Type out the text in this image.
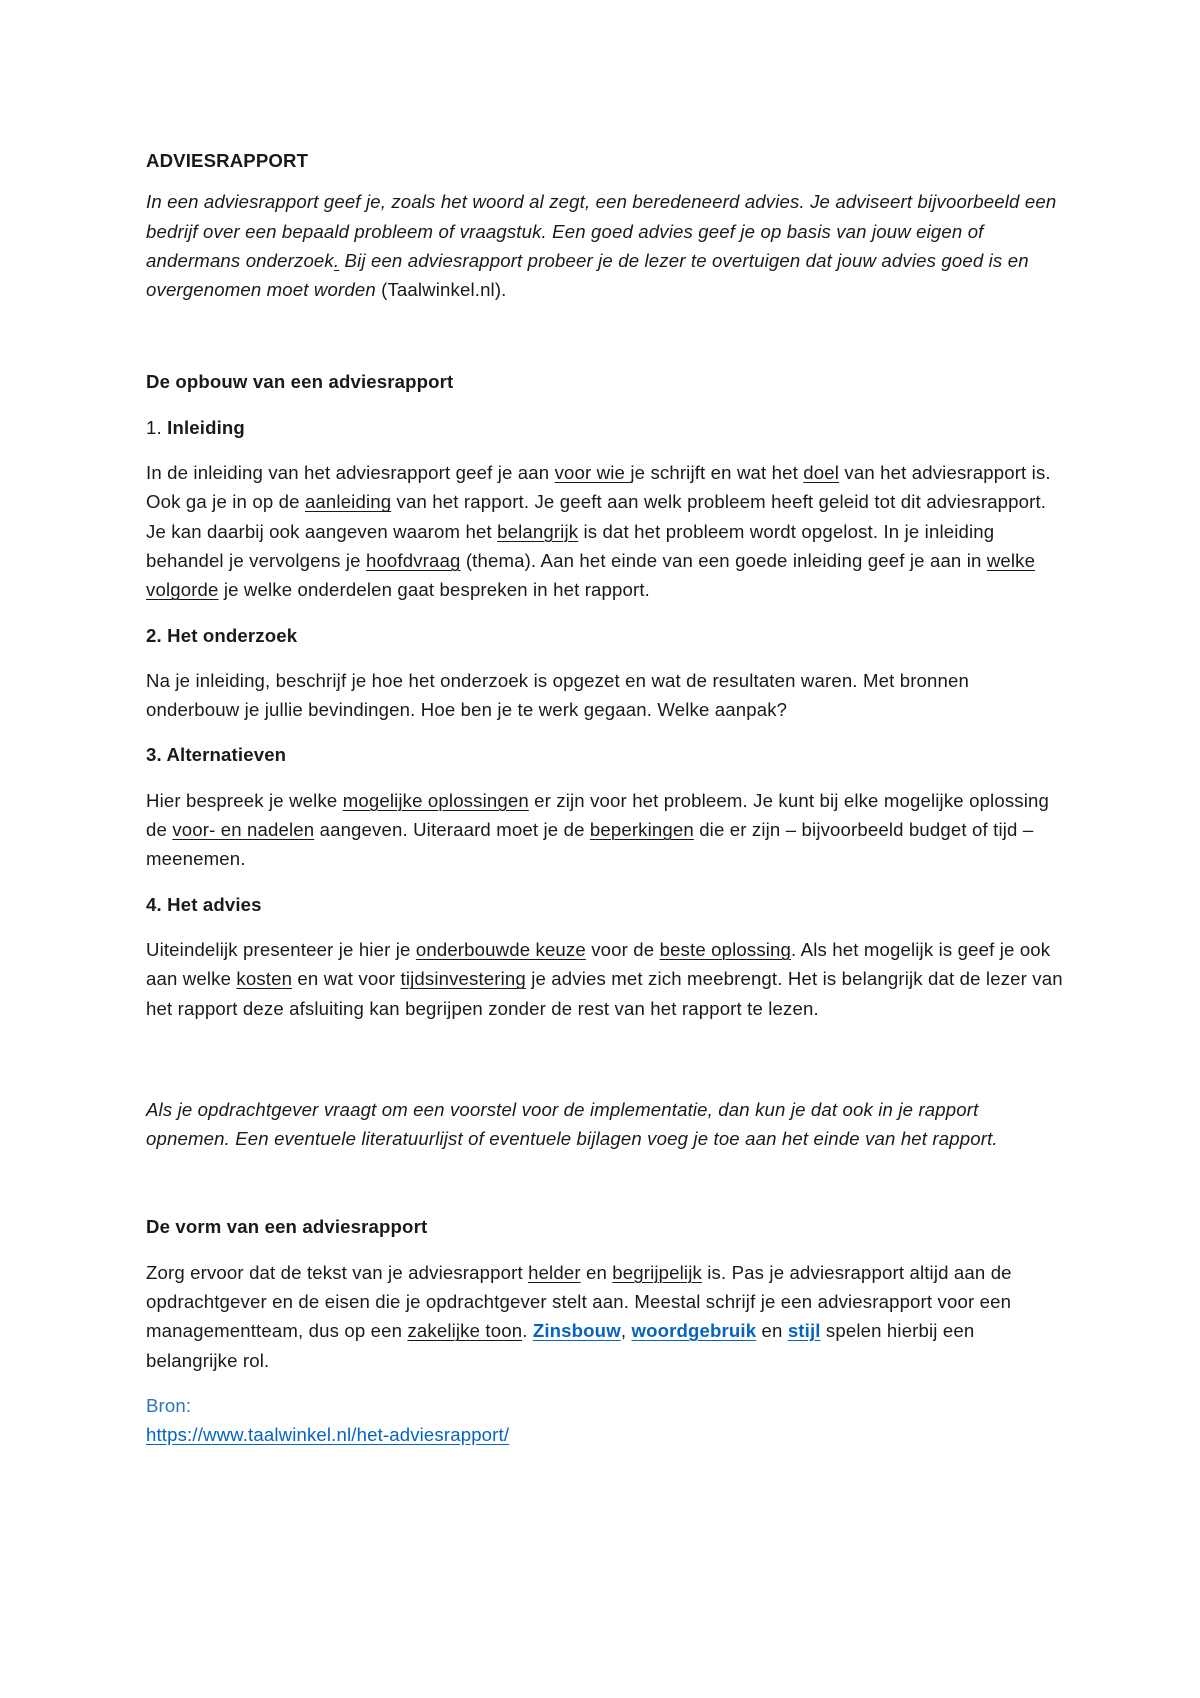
ADVIESRAPPORT

In een adviesrapport geef je, zoals het woord al zegt, een beredeneerd advies. Je adviseert bijvoorbeeld een bedrijf over een bepaald probleem of vraagstuk. Een goed advies geef je op basis van jouw eigen of andermans onderzoek. Bij een adviesrapport probeer je de lezer te overtuigen dat jouw advies goed is en overgenomen moet worden (Taalwinkel.nl).

De opbouw van een adviesrapport

1. Inleiding

In de inleiding van het adviesrapport geef je aan voor wie je schrijft en wat het doel van het adviesrapport is. Ook ga je in op de aanleiding van het rapport. Je geeft aan welk probleem heeft geleid tot dit adviesrapport. Je kan daarbij ook aangeven waarom het belangrijk is dat het probleem wordt opgelost. In je inleiding behandel je vervolgens je hoofdvraag (thema). Aan het einde van een goede inleiding geef je aan in welke volgorde je welke onderdelen gaat bespreken in het rapport.

2. Het onderzoek

Na je inleiding, beschrijf je hoe het onderzoek is opgezet en wat de resultaten waren. Met bronnen onderbouw je jullie bevindingen. Hoe ben je te werk gegaan. Welke aanpak?

3. Alternatieven

Hier bespreek je welke mogelijke oplossingen er zijn voor het probleem. Je kunt bij elke mogelijke oplossing de voor- en nadelen aangeven. Uiteraard moet je de beperkingen die er zijn – bijvoorbeeld budget of tijd – meenemen.

4. Het advies

Uiteindelijk presenteer je hier je onderbouwde keuze voor de beste oplossing. Als het mogelijk is geef je ook aan welke kosten en wat voor tijdsinvestering je advies met zich meebrengt. Het is belangrijk dat de lezer van het rapport deze afsluiting kan begrijpen zonder de rest van het rapport te lezen.

Als je opdrachtgever vraagt om een voorstel voor de implementatie, dan kun je dat ook in je rapport opnemen. Een eventuele literatuurlijst of eventuele bijlagen voeg je toe aan het einde van het rapport.

De vorm van een adviesrapport

Zorg ervoor dat de tekst van je adviesrapport helder en begrijpelijk is. Pas je adviesrapport altijd aan de opdrachtgever en de eisen die je opdrachtgever stelt aan. Meestal schrijf je een adviesrapport voor een managementteam, dus op een zakelijke toon. Zinsbouw, woordgebruik en stijl spelen hierbij een belangrijke rol.

Bron:

https://www.taalwinkel.nl/het-adviesrapport/
